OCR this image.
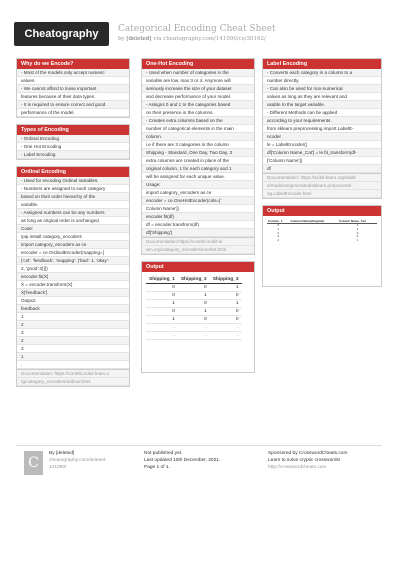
Cheatography	Categorical Encoding Cheat Sheet
by [deleted] via cheatography.com/141090/cs/30162/
Why do we Encode?
- Most of the models only accept numeric
values.
- We cannot afford to loose important
features because of their data types.
- It is required to ensure correct and good
performance of the model.
Types of Encoding
- Ordinal Encoding
- One Hot Encoding
- Label Encoding
Ordinal Encoding
- Used for encoding Ordinal Variables.
- Numbers are assigned to each category
based on their order hierarchy of the
variable.
- Assigned numbers can be any numbers
as long as original order is unchanged.
Code:
!pip install category_encoders
import category_encoders as ce
encoder = ce.OrdinalEncoder(mapping=[
{'col': 'feedback', 'mapping': {'bad': 1, 'okay':
2, 'good':3}}])
encoder.fit(X)
X = encoder.transform(X)
X['feedback']
Output:
feedback
1
2
3
2
3
1
.
Documentation: https://contrib.scikit-learn.o
rg/category_encoders/ordinal.html
One-Hot Encoding
- Used when number of categories in the
variable are low, max 3 or 4. Anymore will
seriously increase the size of your dataset
and decrease performance of your model.
- Assigns 0 and 1 to the categories based
on their presence in the columns.
- Creates extra columns based on the
number of categorical elements in the main
column.
i.e if there are 3 categories in the column
Shipping - Standard, One Day, Two Day, 3
extra columns are created in place of the
original column, 1 for each category and 1
will be assigned for each unique value.
Usage:
import category_encoders as ce
encoder = ce.OneHotEncoder(cols=['
Column Name'])
encoder.fit(df)
df = encoder.transform(df)
df['Shipping']
Documentation:https://contrib.scikit-le
arn.org/category_encoders/onehot.html
Output
Shipping_1	Shipping_2	Shipping_3
0	0	1
0	1	0
1	0	1
0	1	0
1	0	0
.	.	.
.	.	.
Label Encoding
- Converts each category in a column to a
number directly.
- Can also be used for non-numerical
values as long as they are relevant and
usable to the target variable.
- Different Methods can be applied
according to your requirements.
from sklearn.preprocessing import LabelE-
ncoder
le = LabelEncoder()
df['Column Name_Cat'] = le.fit_transform(df-
['Column Name'])
df
Documentation: https://scikit-learn.org/stabl-
e/modules/generated/sklearn.preprocessi-
ng.LabelEncoder.html
Output
Column_1	Column Name(Original)	Column Name_Cat
0		1
1		2
2		3
3		2
4		1
.	.	.
C
By [deleted]
cheatography.com/deleted-
141090/
Not published yet.
Last updated 10th December, 2021.
Page 1 of 1.
Sponsored by CrosswordCheats.com
Learn to solve cryptic crosswords!
http://crosswordcheats.com
